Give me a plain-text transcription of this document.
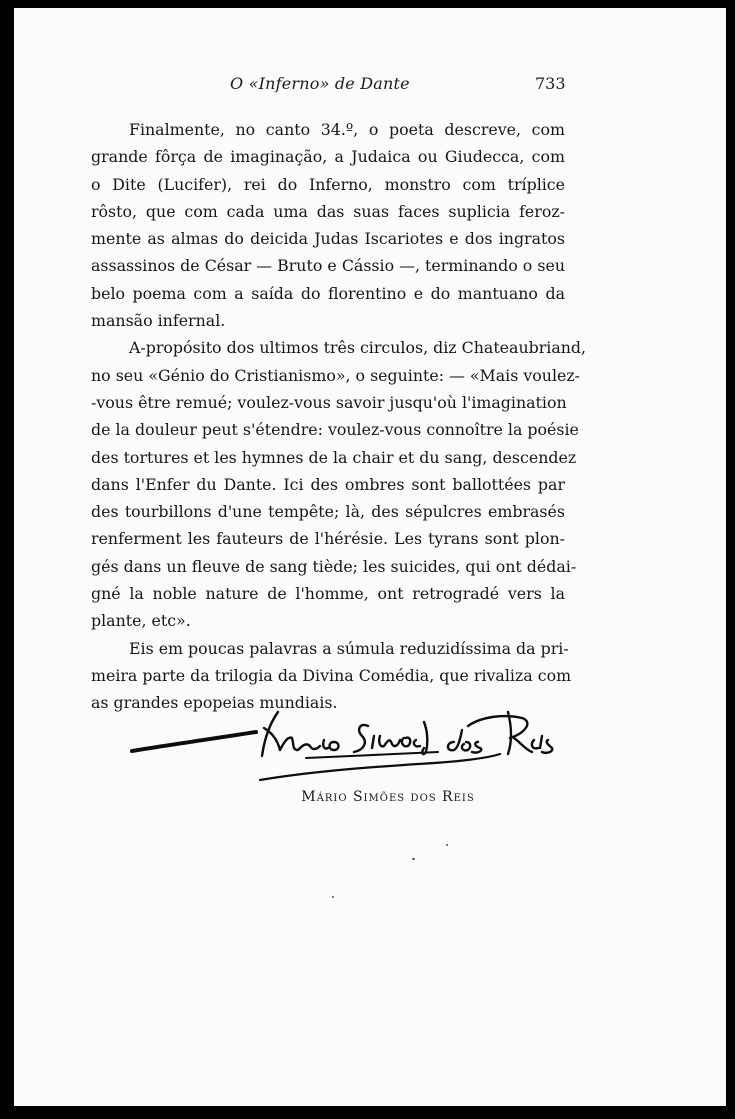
O «Inferno» de Dante	733
Finalmente, no canto 34.º, o poeta descreve, com
grande fôrça de imaginação, a Judaica ou Giudecca, com
o Dite (Lucifer), rei do Inferno, monstro com tríplice
rôsto, que com cada uma das suas faces suplicia feroz-
mente as almas do deicida Judas Iscariotes e dos ingratos
assassinos de César — Bruto e Cássio —, terminando o seu
belo poema com a saída do florentino e do mantuano da
mansão infernal.
A-propósito dos ultimos três circulos, diz Chateaubriand,
no seu «Génio do Cristianismo», o seguinte: — «Mais voulez-
-vous être remué; voulez-vous savoir jusqu'où l'imagination
de la douleur peut s'étendre: voulez-vous connoître la poésie
des tortures et les hymnes de la chair et du sang, descendez
dans l'Enfer du Dante. Ici des ombres sont ballottées par
des tourbillons d'une tempête; là, des sépulcres embrasés
renferment les fauteurs de l'hérésie. Les tyrans sont plon-
gés dans un fleuve de sang tiède; les suicides, qui ont dédai-
gné la noble nature de l'homme, ont retrogradé vers la
plante, etc».
Eis em poucas palavras a súmula reduzidíssima da pri-
meira parte da trilogia da Divina Comédia, que rivaliza com
as grandes epopeias mundiais.
Mário Simões dos Reis
